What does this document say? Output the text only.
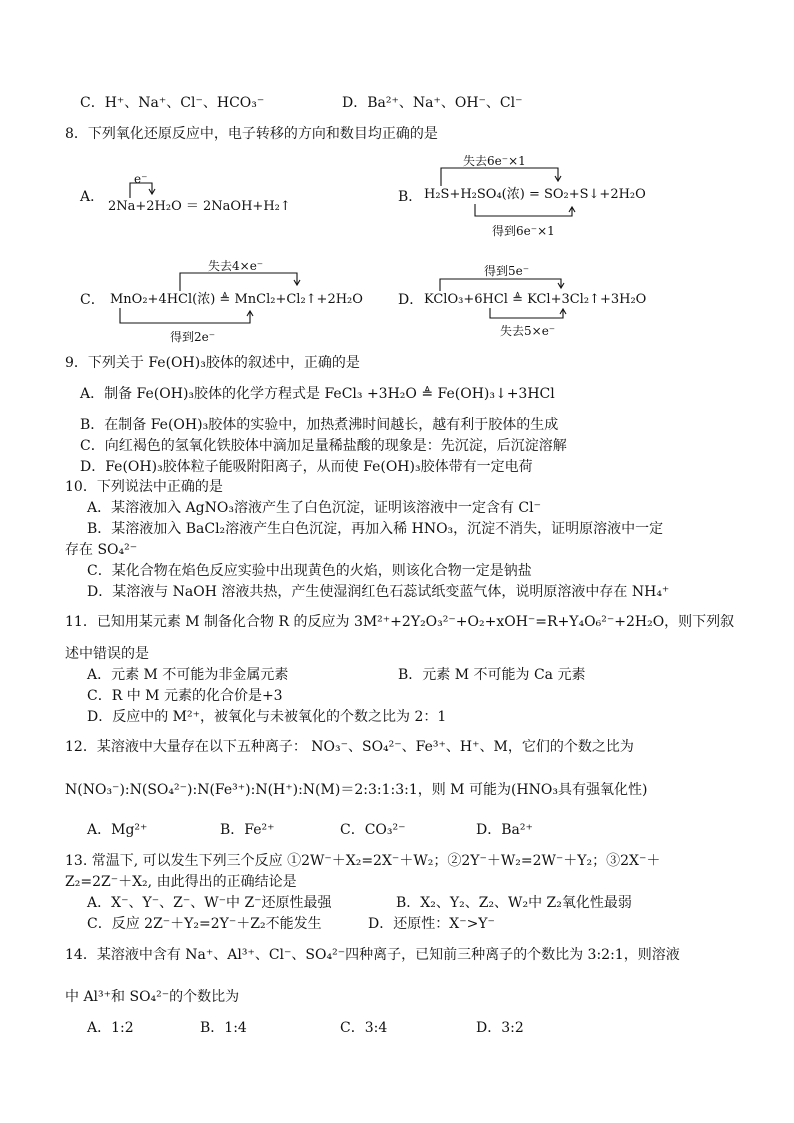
C．H⁺、Na⁺、Cl⁻、HCO₃⁻	D．Ba²⁺、Na⁺、OH⁻、Cl⁻
8．下列氧化还原反应中，电子转移的方向和数目均正确的是
A．
e⁻
2Na+2H₂O ＝ 2NaOH+H₂↑
B．
失去6e⁻×1
H₂S+H₂SO₄(浓) = SO₂+S↓+2H₂O
得到6e⁻×1
C．
失去4×e⁻
MnO₂+4HCl(浓) ≜ MnCl₂+Cl₂↑+2H₂O
得到2e⁻
D．
得到5e⁻
KClO₃+6HCl ≜ KCl+3Cl₂↑+3H₂O
失去5×e⁻
9．下列关于 Fe(OH)₃胶体的叙述中，正确的是
A．制备 Fe(OH)₃胶体的化学方程式是 FeCl₃ +3H₂O ≜ Fe(OH)₃↓+3HCl
B．在制备 Fe(OH)₃胶体的实验中，加热煮沸时间越长，越有利于胶体的生成
C．向红褐色的氢氧化铁胶体中滴加足量稀盐酸的现象是：先沉淀，后沉淀溶解
D．Fe(OH)₃胶体粒子能吸附阳离子，从而使 Fe(OH)₃胶体带有一定电荷
10．下列说法中正确的是
A．某溶液加入 AgNO₃溶液产生了白色沉淀，证明该溶液中一定含有 Cl⁻
B．某溶液加入 BaCl₂溶液产生白色沉淀，再加入稀 HNO₃，沉淀不消失，证明原溶液中一定
存在 SO₄²⁻
C．某化合物在焰色反应实验中出现黄色的火焰，则该化合物一定是钠盐
D．某溶液与 NaOH 溶液共热，产生使湿润红色石蕊试纸变蓝气体，说明原溶液中存在 NH₄⁺
11．已知用某元素 M 制备化合物 R 的反应为 3M²⁺+2Y₂O₃²⁻+O₂+xOH⁻=R+Y₄O₆²⁻+2H₂O，则下列叙
述中错误的是
A．元素 M 不可能为非金属元素	B．元素 M 不可能为 Ca 元素
C．R 中 M 元素的化合价是+3
D．反应中的 M²⁺，被氧化与未被氧化的个数之比为 2：1
12．某溶液中大量存在以下五种离子： NO₃⁻、SO₄²⁻、Fe³⁺、H⁺、M，它们的个数之比为
N(NO₃⁻):N(SO₄²⁻):N(Fe³⁺):N(H⁺):N(M)＝2:3:1:3:1，则 M 可能为(HNO₃具有强氧化性)
A．Mg²⁺	B．Fe²⁺	C．CO₃²⁻	D．Ba²⁺
13. 常温下, 可以发生下列三个反应 ①2W⁻＋X₂=2X⁻＋W₂；②2Y⁻＋W₂=2W⁻＋Y₂；③2X⁻＋
Z₂=2Z⁻＋X₂, 由此得出的正确结论是
A．X⁻、Y⁻、Z⁻、W⁻中 Z⁻还原性最强	B．X₂、Y₂、Z₂、W₂中 Z₂氧化性最弱
C．反应 2Z⁻＋Y₂=2Y⁻＋Z₂不能发生	D．还原性：X⁻>Y⁻
14．某溶液中含有 Na⁺、Al³⁺、Cl⁻、SO₄²⁻四种离子，已知前三种离子的个数比为 3:2:1，则溶液
中 Al³⁺和 SO₄²⁻的个数比为
A．1:2	B．1:4	C．3:4	D．3:2
